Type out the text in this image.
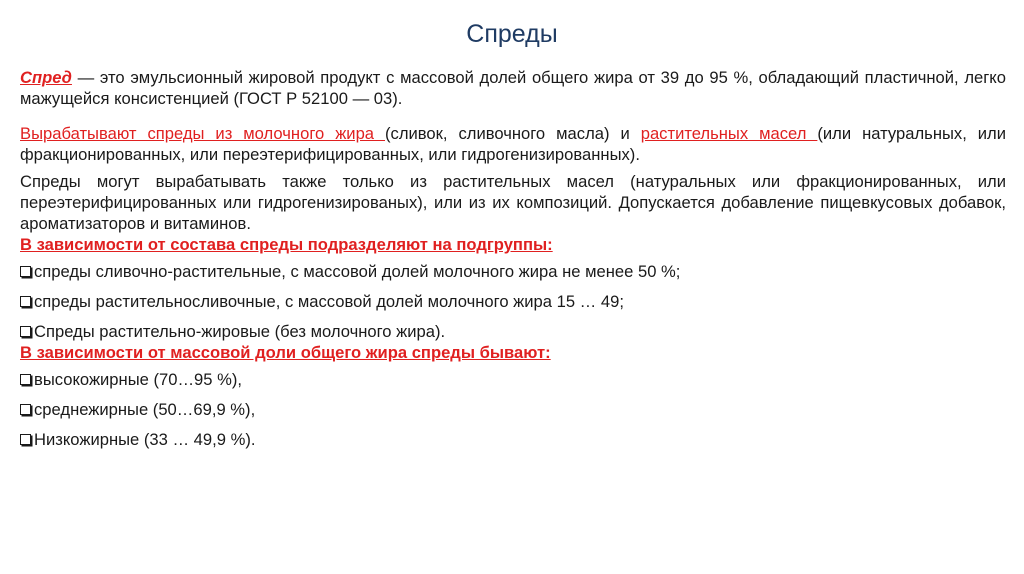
Спреды

Спред — это эмульсионный жировой продукт с массовой долей общего жира от 39 до 95 %, обладающий пластичной, легко мажущейся консистенцией (ГОСТ Р 52100 — 03).

Вырабатывают спреды из молочного жира (сливок, сливочного масла) и растительных масел (или натуральных, или фракционированных, или переэтерифицированных, или гидрогенизированных).

Спреды могут вырабатывать также только из растительных масел (натуральных или фракционированных, или переэтерифицированных или гидрогенизированых), или из их композиций. Допускается добавление пищевкусовых добавок, ароматизаторов и витаминов.

В зависимости от состава спреды подразделяют на подгруппы:

спреды сливочно-растительные, с массовой долей молочного жира не менее 50 %;
спреды растительносливочные, с массовой долей молочного жира 15 … 49;
Спреды растительно-жировые (без молочного жира).

В зависимости от массовой доли общего жира спреды бывают:

высокожирные (70…95 %),
среднежирные (50…69,9 %),
Низкожирные (33 … 49,9 %).
